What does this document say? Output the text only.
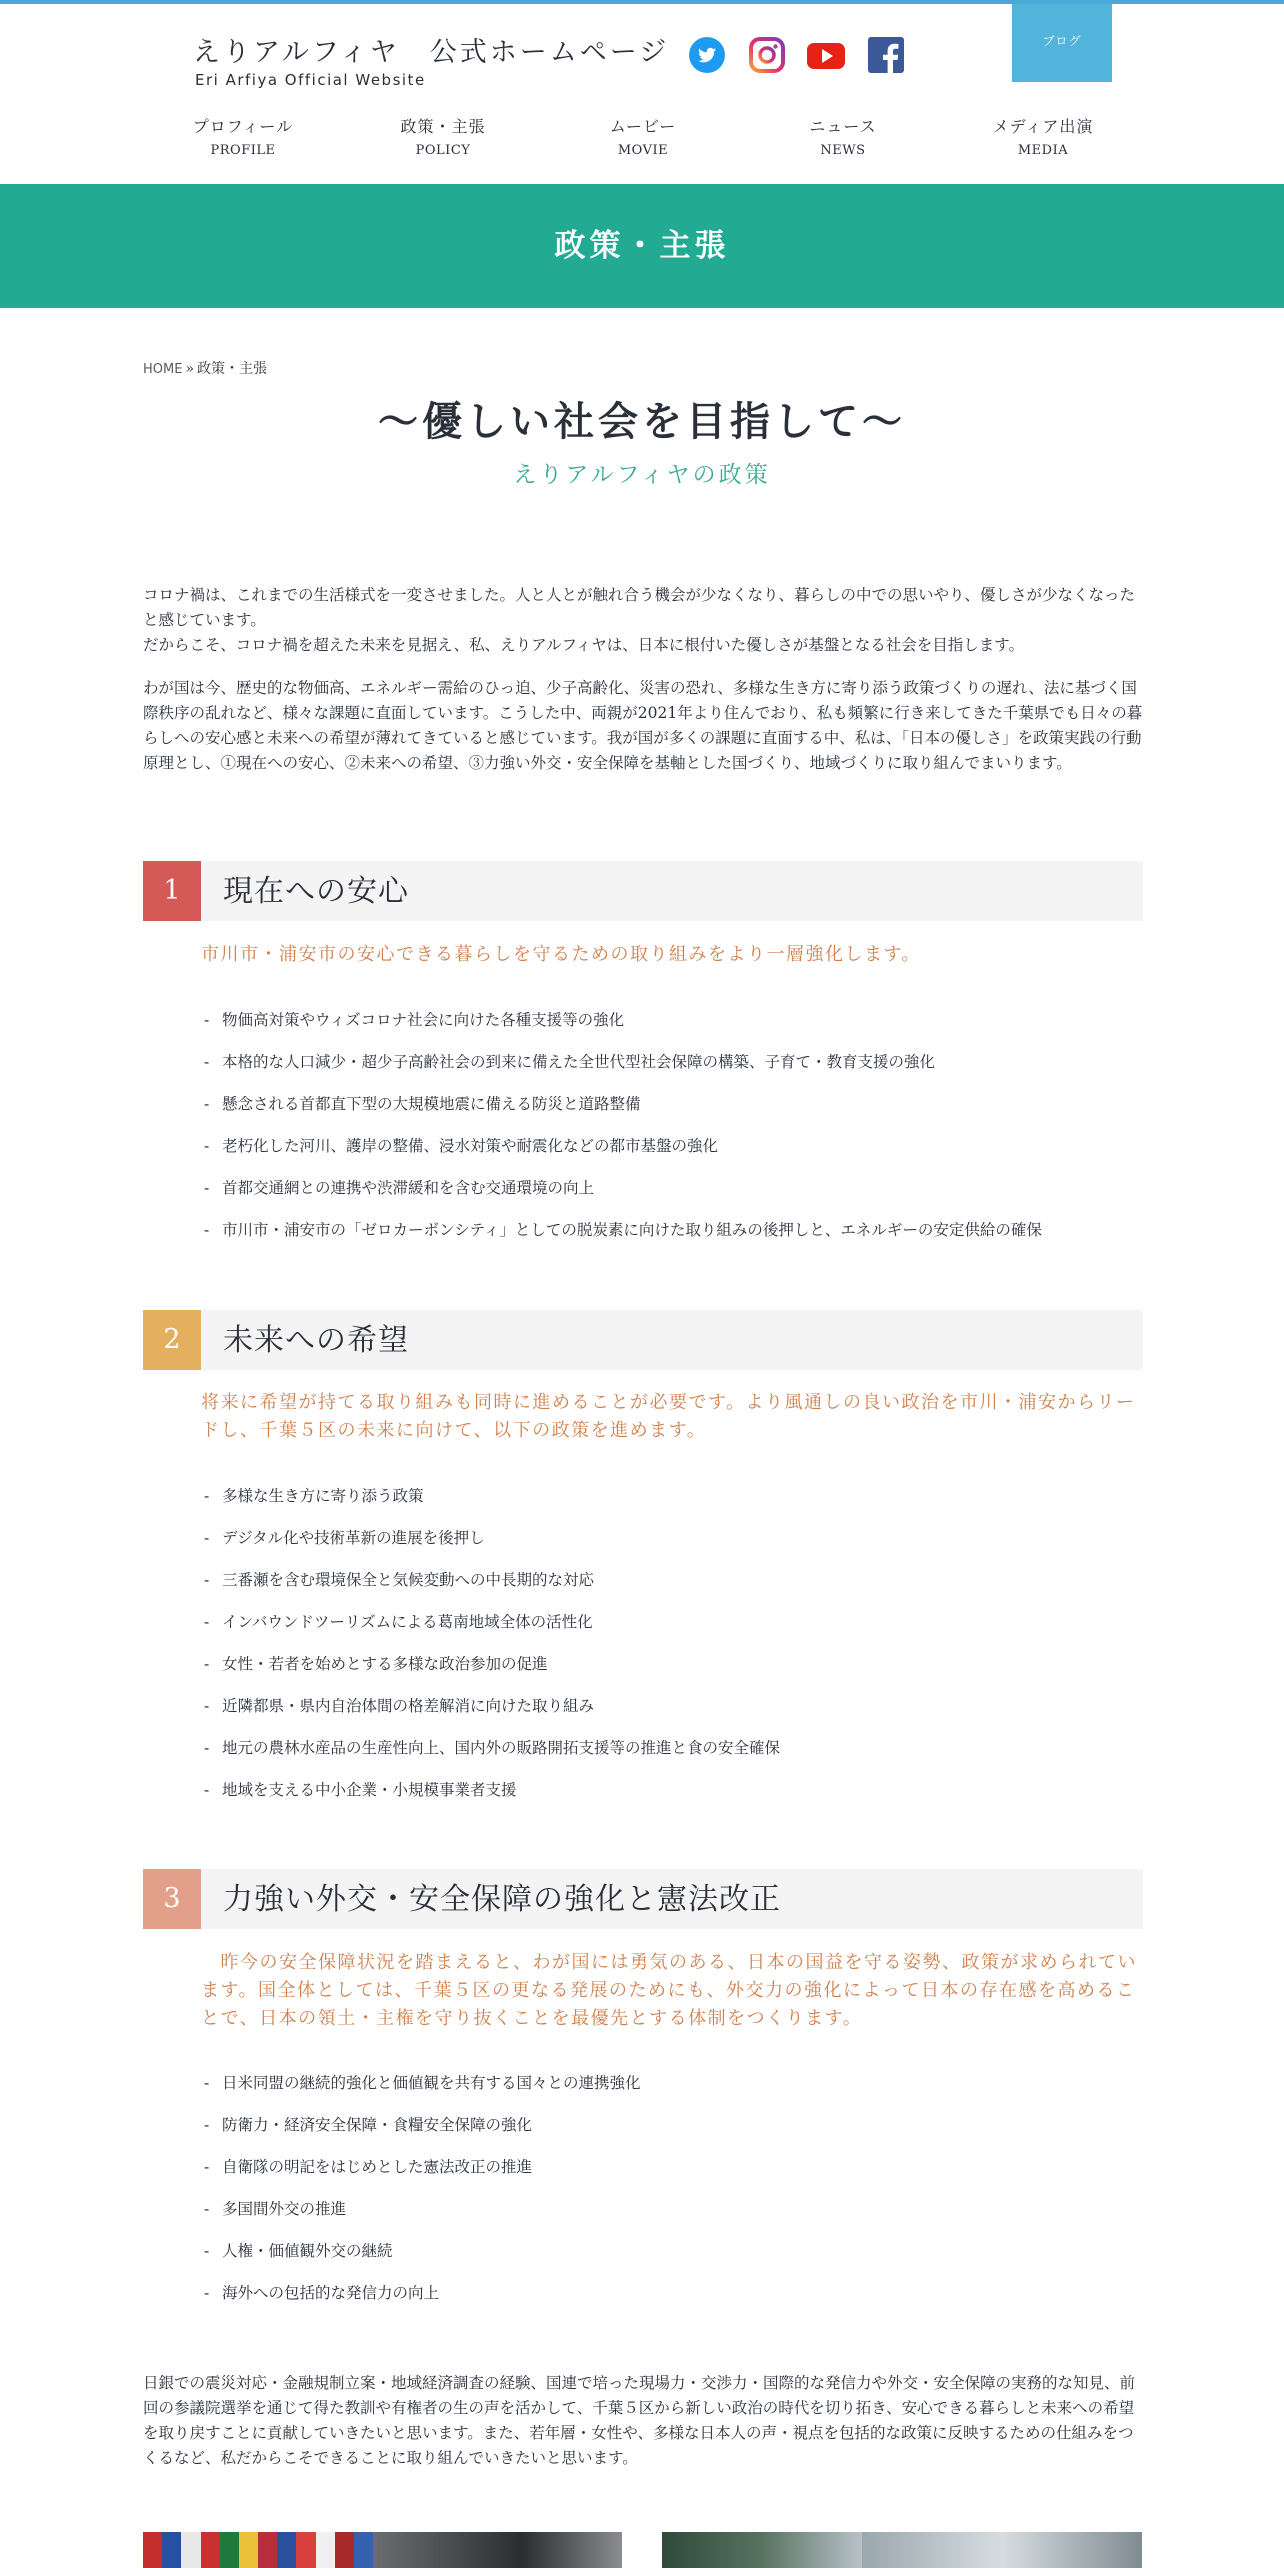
えりアルフィヤ　公式ホームページ
Eri Arfiya Official Website
ブログ
プロフィール
PROFILE
政策・主張
POLICY
ムービー
MOVIE
ニュース
NEWS
メディア出演
MEDIA
政策・主張
HOME » 政策・主張
〜優しい社会を目指して〜
えりアルフィヤの政策

コロナ禍は、これまでの生活様式を一変させました。人と人とが触れ合う機会が少なくなり、暮らしの中での思いやり、優しさが少なくなったと感じています。

だからこそ、コロナ禍を超えた未来を見据え、私、えりアルフィヤは、日本に根付いた優しさが基盤となる社会を目指します。

わが国は今、歴史的な物価高、エネルギー需給のひっ迫、少子高齢化、災害の恐れ、多様な生き方に寄り添う政策づくりの遅れ、法に基づく国際秩序の乱れなど、様々な課題に直面しています。こうした中、両親が2021年より住んでおり、私も頻繁に行き来してきた千葉県でも日々の暮らしへの安心感と未来への希望が薄れてきていると感じています。我が国が多くの課題に直面する中、私は、「日本の優しさ」を政策実践の行動原理とし、①現在への安心、②未来への希望、③力強い外交・安全保障を基軸とした国づくり、地域づくりに取り組んでまいります。

1	現在への安心
市川市・浦安市の安心できる暮らしを守るための取り組みをより一層強化します。
- 物価高対策やウィズコロナ社会に向けた各種支援等の強化
- 本格的な人口減少・超少子高齢社会の到来に備えた全世代型社会保障の構築、子育て・教育支援の強化
- 懸念される首都直下型の大規模地震に備える防災と道路整備
- 老朽化した河川、護岸の整備、浸水対策や耐震化などの都市基盤の強化
- 首都交通網との連携や渋滞緩和を含む交通環境の向上
- 市川市・浦安市の「ゼロカーボンシティ」としての脱炭素に向けた取り組みの後押しと、エネルギーの安定供給の確保
2	未来への希望
将来に希望が持てる取り組みも同時に進めることが必要です。より風通しの良い政治を市川・浦安からリードし、千葉５区の未来に向けて、以下の政策を進めます。
- 多様な生き方に寄り添う政策
- デジタル化や技術革新の進展を後押し
- 三番瀬を含む環境保全と気候変動への中長期的な対応
- インバウンドツーリズムによる葛南地域全体の活性化
- 女性・若者を始めとする多様な政治参加の促進
- 近隣都県・県内自治体間の格差解消に向けた取り組み
- 地元の農林水産品の生産性向上、国内外の販路開拓支援等の推進と食の安全確保
- 地域を支える中小企業・小規模事業者支援
3	力強い外交・安全保障の強化と憲法改正
　昨今の安全保障状況を踏まえると、わが国には勇気のある、日本の国益を守る姿勢、政策が求められています。国全体としては、千葉５区の更なる発展のためにも、外交力の強化によって日本の存在感を高めることで、日本の領土・主権を守り抜くことを最優先とする体制をつくります。
- 日米同盟の継続的強化と価値観を共有する国々との連携強化
- 防衛力・経済安全保障・食糧安全保障の強化
- 自衛隊の明記をはじめとした憲法改正の推進
- 多国間外交の推進
- 人権・価値観外交の継続
- 海外への包括的な発信力の向上

日銀での震災対応・金融規制立案・地域経済調査の経験、国連で培った現場力・交渉力・国際的な発信力や外交・安全保障の実務的な知見、前回の参議院選挙を通じて得た教訓や有権者の生の声を活かして、千葉５区から新しい政治の時代を切り拓き、安心できる暮らしと未来への希望を取り戻すことに貢献していきたいと思います。また、若年層・女性や、多様な日本人の声・視点を包括的な政策に反映するための仕組みをつくるなど、私だからこそできることに取り組んでいきたいと思います。
